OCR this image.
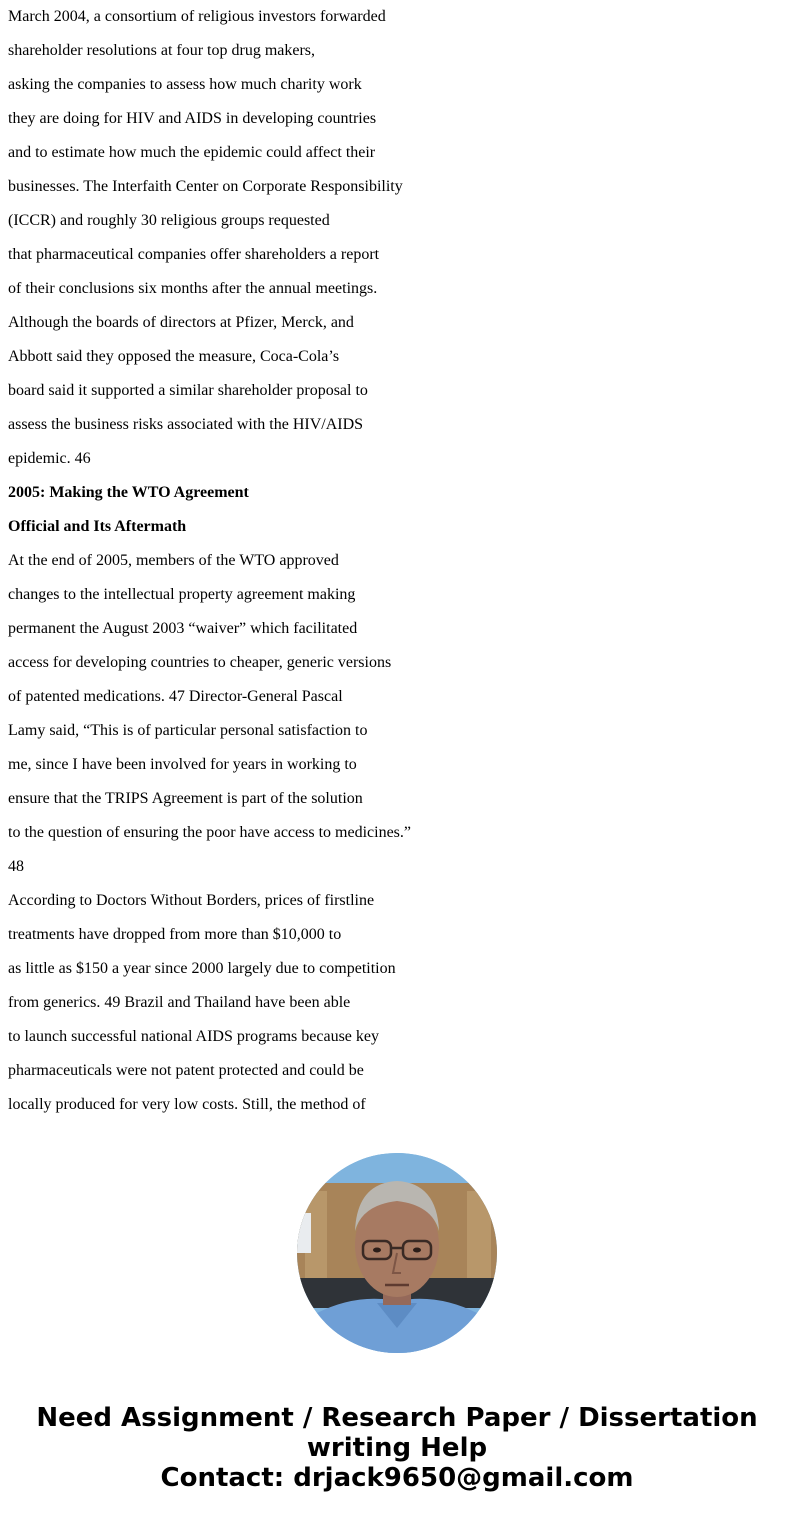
March 2004, a consortium of religious investors forwarded

shareholder resolutions at four top drug makers,

asking the companies to assess how much charity work

they are doing for HIV and AIDS in developing countries

and to estimate how much the epidemic could affect their

businesses. The Interfaith Center on Corporate Responsibility

(ICCR) and roughly 30 religious groups requested

that pharmaceutical companies offer shareholders a report

of their conclusions six months after the annual meetings.

Although the boards of directors at Pfizer, Merck, and

Abbott said they opposed the measure, Coca-Cola’s

board said it supported a similar shareholder proposal to

assess the business risks associated with the HIV/AIDS

epidemic. 46

2005: Making the WTO Agreement

Official and Its Aftermath

At the end of 2005, members of the WTO approved

changes to the intellectual property agreement making

permanent the August 2003 “waiver” which facilitated

access for developing countries to cheaper, generic versions

of patented medications. 47 Director-General Pascal

Lamy said, “This is of particular personal satisfaction to

me, since I have been involved for years in working to

ensure that the TRIPS Agreement is part of the solution

to the question of ensuring the poor have access to medicines.”

48

According to Doctors Without Borders, prices of firstline

treatments have dropped from more than $10,000 to

as little as $150 a year since 2000 largely due to competition

from generics. 49 Brazil and Thailand have been able

to launch successful national AIDS programs because key

pharmaceuticals were not patent protected and could be

locally produced for very low costs. Still, the method of

Need Assignment / Research Paper / Dissertation
writing Help
Contact: drjack9650@gmail.com
